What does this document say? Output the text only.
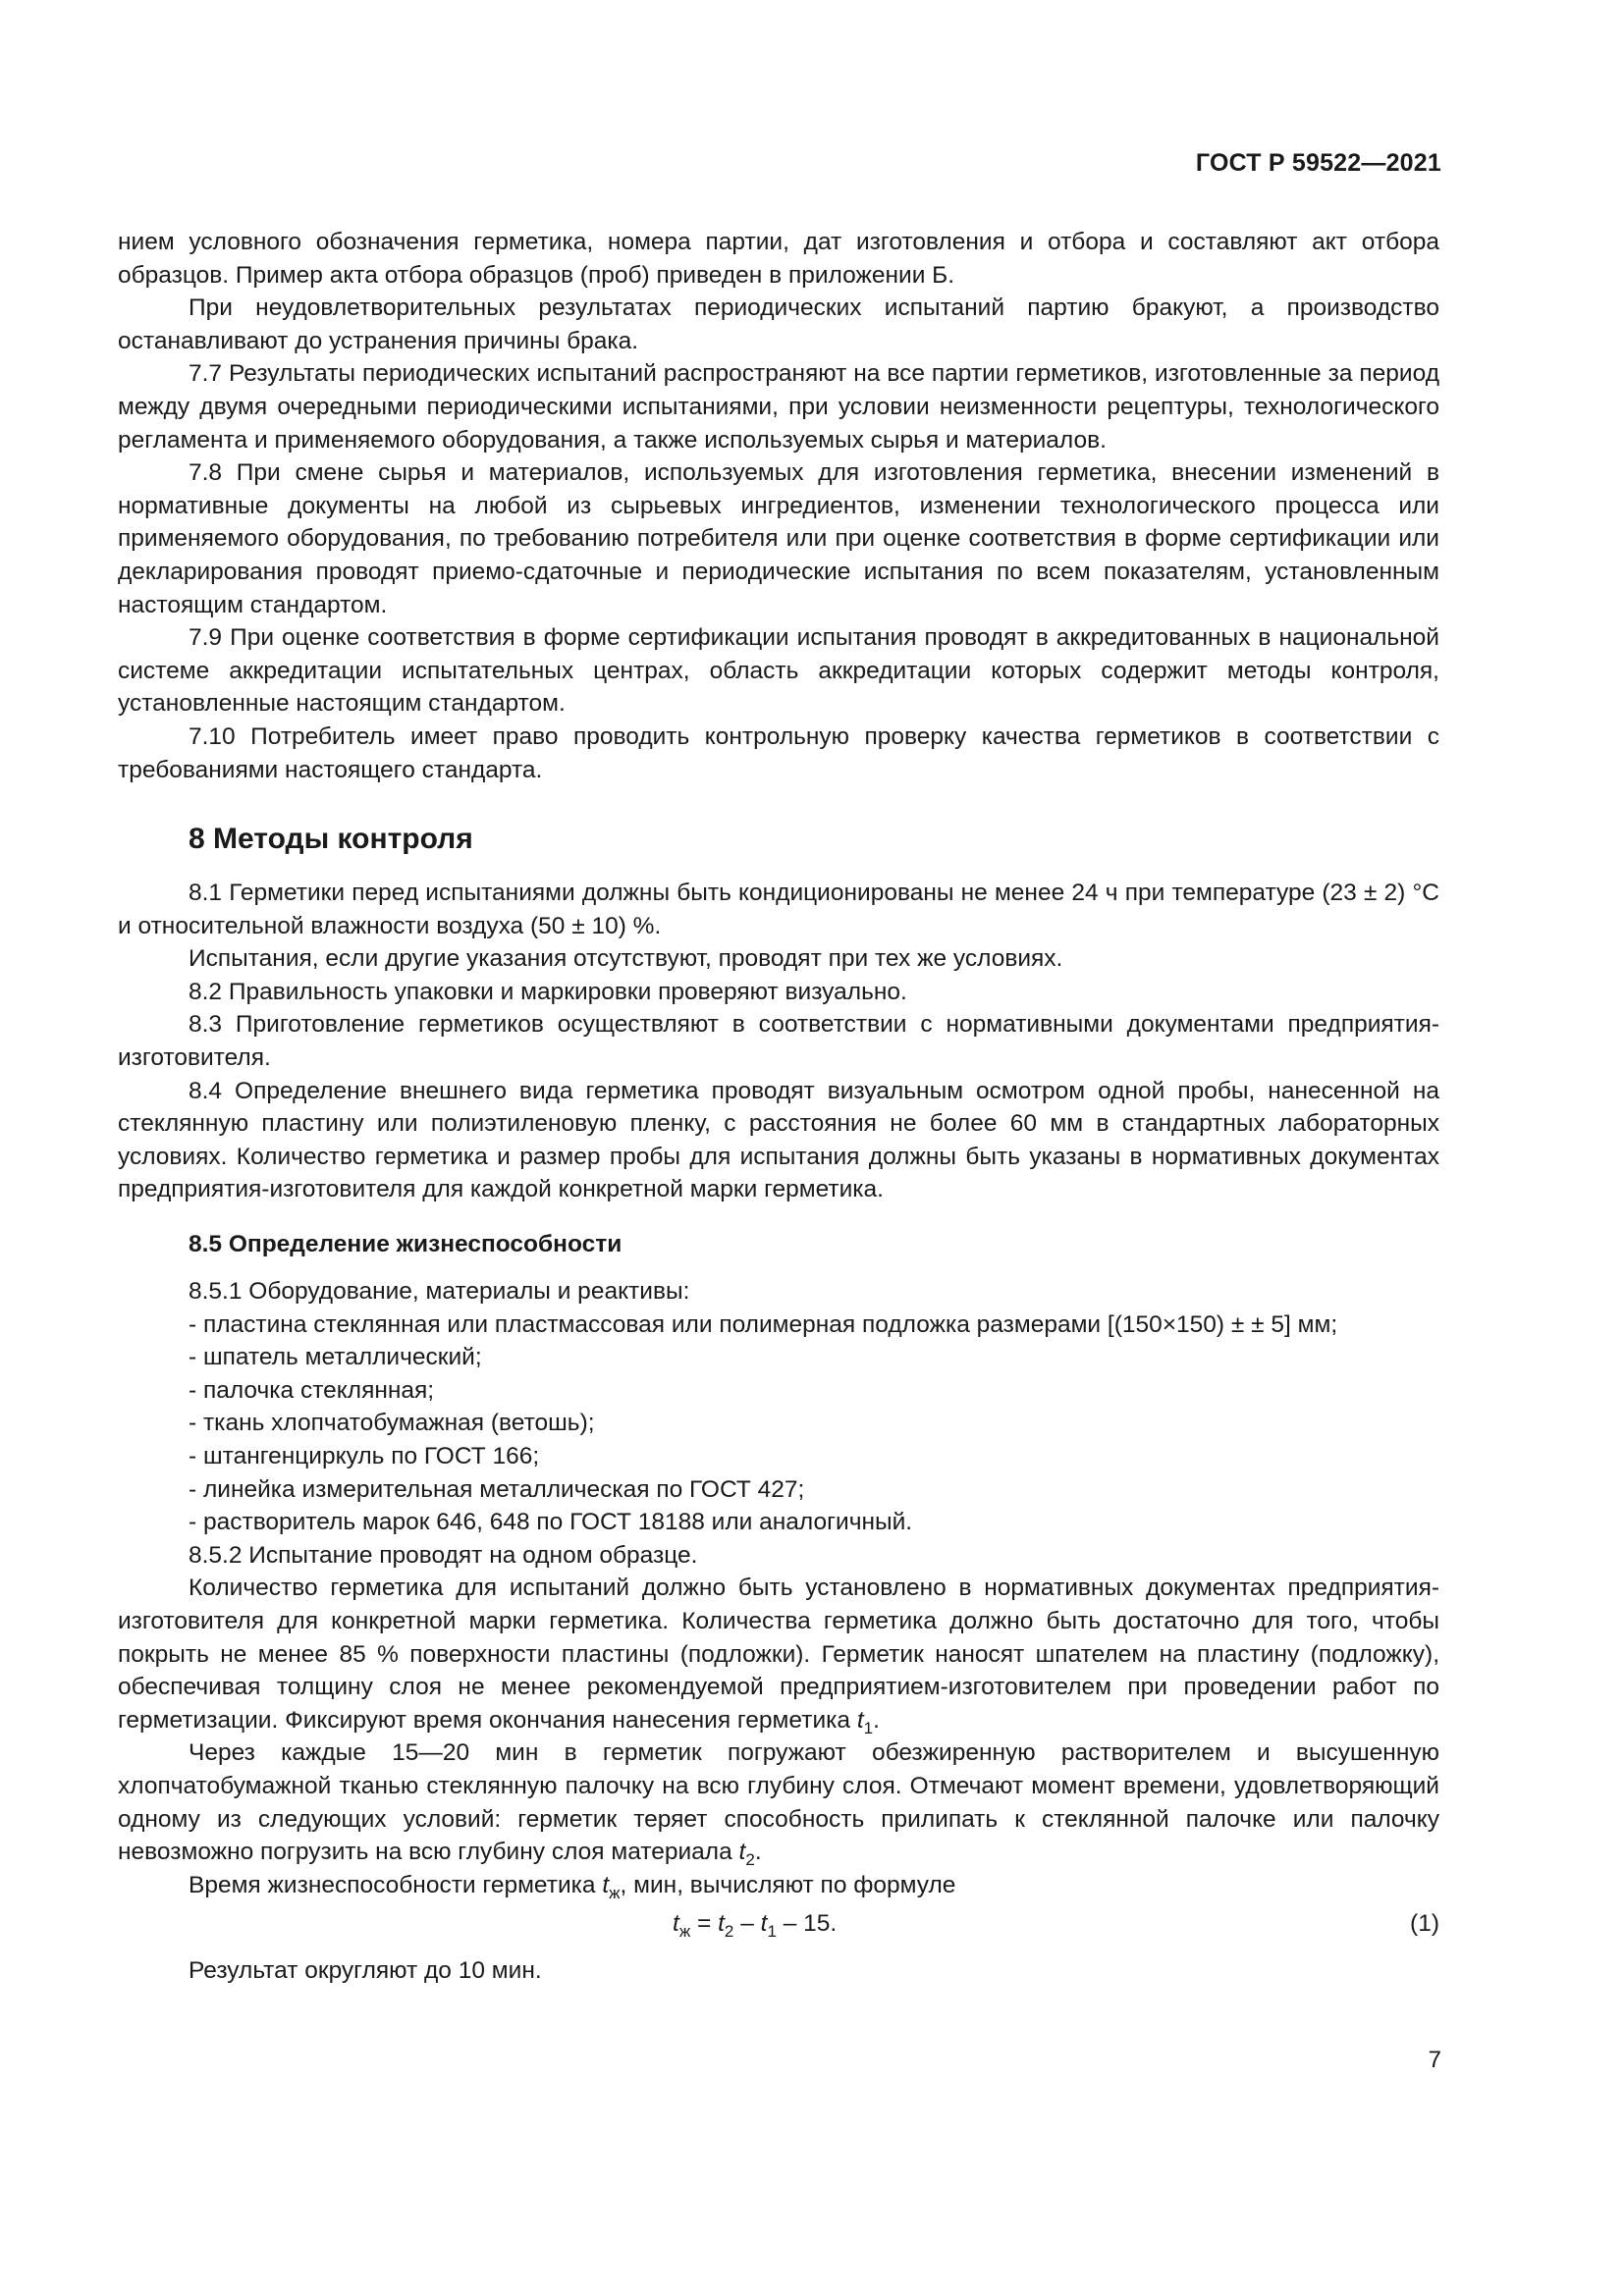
ГОСТ Р 59522—2021

нием условного обозначения герметика, номера партии, дат изготовления и отбора и составляют акт отбора образцов. Пример акта отбора образцов (проб) приведен в приложении Б.

При неудовлетворительных результатах периодических испытаний партию бракуют, а производство останавливают до устранения причины брака.

7.7 Результаты периодических испытаний распространяют на все партии герметиков, изготовленные за период между двумя очередными периодическими испытаниями, при условии неизменности рецептуры, технологического регламента и применяемого оборудования, а также используемых сырья и материалов.

7.8 При смене сырья и материалов, используемых для изготовления герметика, внесении изменений в нормативные документы на любой из сырьевых ингредиентов, изменении технологического процесса или применяемого оборудования, по требованию потребителя или при оценке соответствия в форме сертификации или декларирования проводят приемо-сдаточные и периодические испытания по всем показателям, установленным настоящим стандартом.

7.9 При оценке соответствия в форме сертификации испытания проводят в аккредитованных в национальной системе аккредитации испытательных центрах, область аккредитации которых содержит методы контроля, установленные настоящим стандартом.

7.10 Потребитель имеет право проводить контрольную проверку качества герметиков в соответствии с требованиями настоящего стандарта.

8 Методы контроля

8.1 Герметики перед испытаниями должны быть кондиционированы не менее 24 ч при температуре (23 ± 2) °С и относительной влажности воздуха (50 ± 10) %.

Испытания, если другие указания отсутствуют, проводят при тех же условиях.

8.2 Правильность упаковки и маркировки проверяют визуально.

8.3 Приготовление герметиков осуществляют в соответствии с нормативными документами предприятия-изготовителя.

8.4 Определение внешнего вида герметика проводят визуальным осмотром одной пробы, нанесенной на стеклянную пластину или полиэтиленовую пленку, с расстояния не более 60 мм в стандартных лабораторных условиях. Количество герметика и размер пробы для испытания должны быть указаны в нормативных документах предприятия-изготовителя для каждой конкретной марки герметика.

8.5 Определение жизнеспособности

8.5.1 Оборудование, материалы и реактивы:

- пластина стеклянная или пластмассовая или полимерная подложка размерами [(150×150) ± ± 5] мм;

- шпатель металлический;

- палочка стеклянная;

- ткань хлопчатобумажная (ветошь);

- штангенциркуль по ГОСТ 166;

- линейка измерительная металлическая по ГОСТ 427;

- растворитель марок 646, 648 по ГОСТ 18188 или аналогичный.

8.5.2 Испытание проводят на одном образце.

Количество герметика для испытаний должно быть установлено в нормативных документах предприятия-изготовителя для конкретной марки герметика. Количества герметика должно быть достаточно для того, чтобы покрыть не менее 85 % поверхности пластины (подложки). Герметик наносят шпателем на пластину (подложку), обеспечивая толщину слоя не менее рекомендуемой предприятием-изготовителем при проведении работ по герметизации. Фиксируют время окончания нанесения герметика $t_1$.

Через каждые 15—20 мин в герметик погружают обезжиренную растворителем и высушенную хлопчатобумажной тканью стеклянную палочку на всю глубину слоя. Отмечают момент времени, удовлетворяющий одному из следующих условий: герметик теряет способность прилипать к стеклянной палочке или палочку невозможно погрузить на всю глубину слоя материала $t_2$.

Время жизнеспособности герметика $t_ж$, мин, вычисляют по формуле

$t_ж = t_2 - t_1 - 15$.	(1)

Результат округляют до 10 мин.

7
